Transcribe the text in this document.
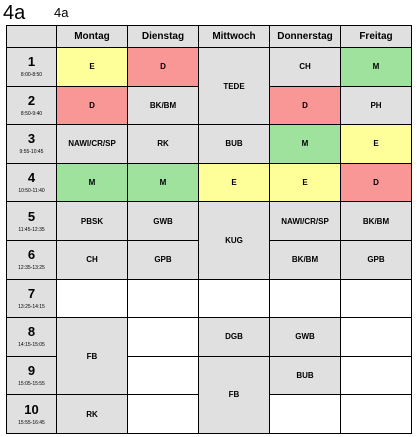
4a 4a
	Montag	Dienstag	Mittwoch	Donnerstag	Freitag

1
8:00-8:50	E	D	TEDE	CH	M

2
8:50-9:40	D	BK/BM		D	PH

3
9:55-10:45	NAWI/CR/SP	RK	BUB	M	E

4
10:50-11:40	M	M	E	E	D

5
11:45-12:35	PBSK	GWB	KUG	NAWI/CR/SP	BK/BM

6
12:35-13:25	CH	GPB		BK/BM	GPB

7
13:25-14:15					

8
14:15-15:05	FB		DGB	GWB	

9
15:05-15:55			FB	BUB	

10
15:55-16:45	RK				
